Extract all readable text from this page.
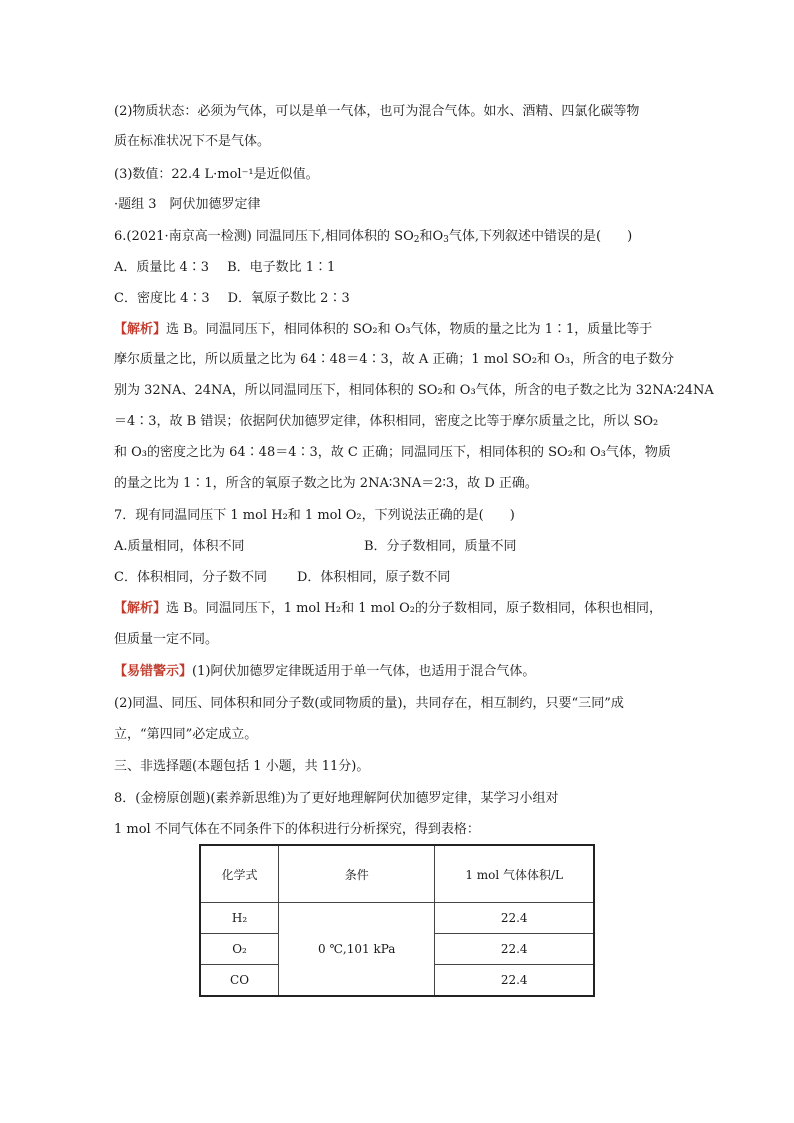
(2)物质状态：必须为气体，可以是单一气体，也可为混合气体。如水、酒精、四氯化碳等物
质在标准状况下不是气体。
(3)数值：22.4 L·mol⁻¹是近似值。
·题组 3　阿伏加德罗定律
6.(2021·南京高一检测) 同温同压下,相同体积的 $SO_2$和$O_3$气体,下列叙述中错误的是(　　)
A．质量比 4∶3 B．电子数比 1∶1
C．密度比 4∶3 D．氧原子数比 2∶3
【解析】选 B。同温同压下，相同体积的 SO₂和 O₃气体，物质的量之比为 1∶1，质量比等于
摩尔质量之比，所以质量之比为 64∶48＝4∶3，故 A 正确；1 mol SO₂和 O₃，所含的电子数分
别为 32NA、24NA，所以同温同压下，相同体积的 SO₂和 O₃气体，所含的电子数之比为 32NA∶24NA
＝4∶3，故 B 错误；依据阿伏加德罗定律，体积相同，密度之比等于摩尔质量之比，所以 SO₂
和 O₃的密度之比为 64∶48＝4∶3，故 C 正确；同温同压下，相同体积的 SO₂和 O₃气体，物质
的量之比为 1∶1，所含的氧原子数之比为 2NA∶3NA＝2∶3，故 D 正确。
7．现有同温同压下 1 mol H₂和 1 mol O₂，下列说法正确的是(　　)
A.质量相同，体积不同	B．分子数相同，质量不同
C．体积相同，分子数不同 D．体积相同，原子数不同
【解析】选 B。同温同压下，1 mol H₂和 1 mol O₂的分子数相同，原子数相同，体积也相同，
但质量一定不同。
【易错警示】(1)阿伏加德罗定律既适用于单一气体，也适用于混合气体。
(2)同温、同压、同体积和同分子数(或同物质的量)，共同存在，相互制约，只要“三同”成
立，“第四同”必定成立。
三、非选择题(本题包括 1 小题，共 11分)。
8．(金榜原创题)(素养新思维)为了更好地理解阿伏加德罗定律，某学习小组对
1 mol 不同气体在不同条件下的体积进行分析探究，得到表格：
化学式	条件	1 mol 气体体积/L
H₂	0 ℃,101 kPa	22.4
O₂		22.4
CO		22.4
